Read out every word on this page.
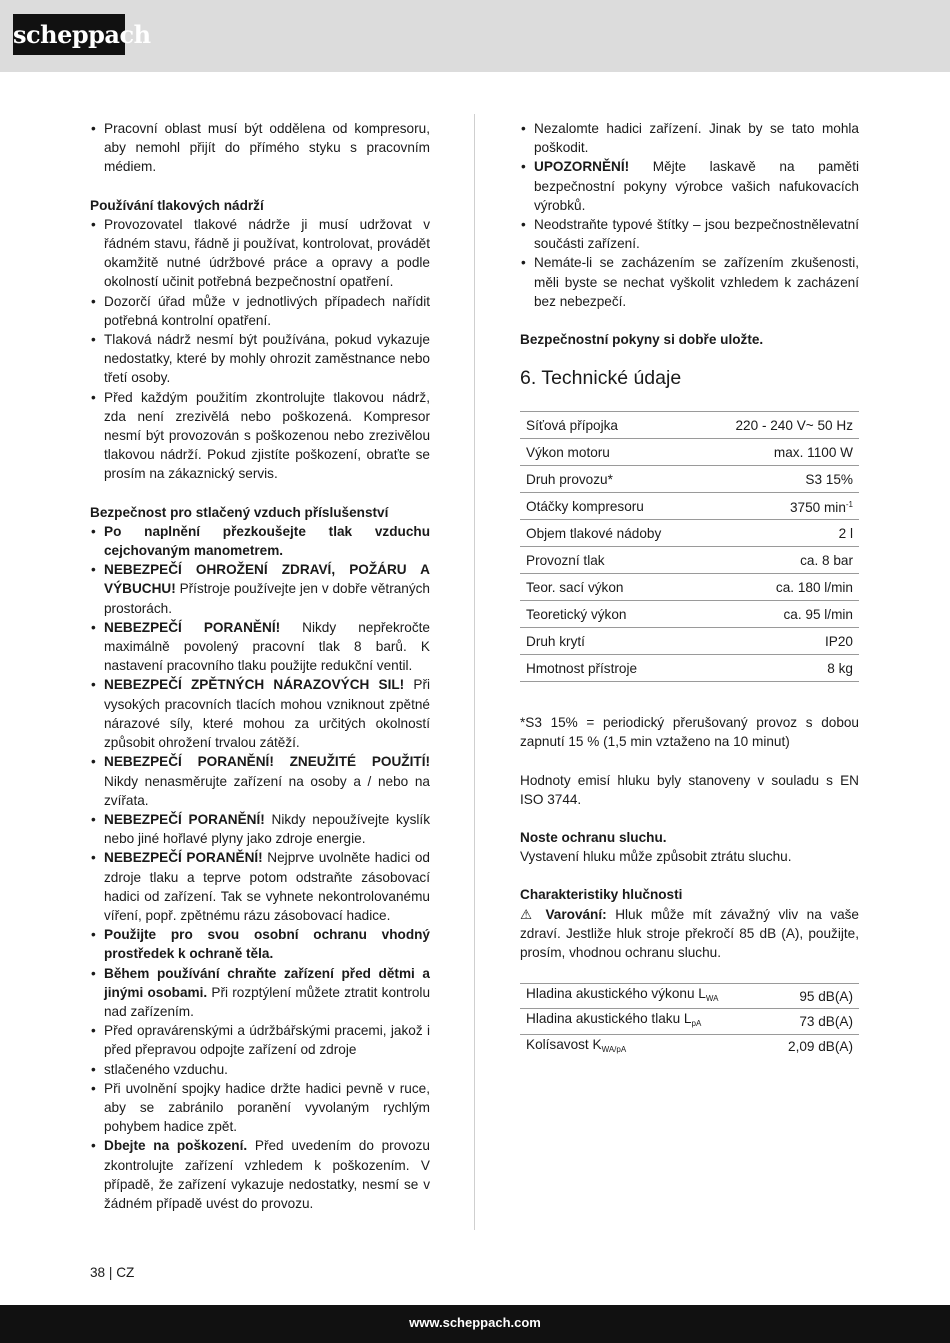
scheppach
• Pracovní oblast musí být oddělena od kompresoru, aby nemohl přijít do přímého styku s pracovním médiem.

Používání tlakových nádrží

• Provozovatel tlakové nádrže ji musí udržovat v řádném stavu, řádně ji používat, kontrolovat, provádět okamžitě nutné údržbové práce a opravy a podle okolností učinit potřebná bezpečnostní opatření.
• Dozorčí úřad může v jednotlivých případech nařídit potřebná kontrolní opatření.
• Tlaková nádrž nesmí být používána, pokud vykazuje nedostatky, které by mohly ohrozit zaměstnance nebo třetí osoby.
• Před každým použitím zkontrolujte tlakovou nádrž, zda není zrezivělá nebo poškozená. Kompresor nesmí být provozován s poškozenou nebo zrezivělou tlakovou nádrží. Pokud zjistíte poškození, obraťte se prosím na zákaznický servis.

Bezpečnost pro stlačený vzduch příslušenství

• Po naplnění přezkoušejte tlak vzduchu cejchovaným manometrem.
• NEBEZPEČÍ OHROŽENÍ ZDRAVÍ, POŽÁRU A VÝBUCHU! Přístroje používejte jen v dobře větraných prostorách.
• NEBEZPEČÍ PORANĚNÍ! Nikdy nepřekročte maximálně povolený pracovní tlak 8 barů. K nastavení pracovního tlaku použijte redukční ventil.
• NEBEZPEČÍ ZPĚTNÝCH NÁRAZOVÝCH SIL! Při vysokých pracovních tlacích mohou vzniknout zpětné nárazové síly, které mohou za určitých okolností způsobit ohrožení trvalou zátěží.
• NEBEZPEČÍ PORANĚNÍ! ZNEUŽITÉ POUŽITÍ! Nikdy nenasměrujte zařízení na osoby a / nebo na zvířata.
• NEBEZPEČÍ PORANĚNÍ! Nikdy nepoužívejte kyslík nebo jiné hořlavé plyny jako zdroje energie.
• NEBEZPEČÍ PORANĚNÍ! Nejprve uvolněte hadici od zdroje tlaku a teprve potom odstraňte zásobovací hadici od zařízení. Tak se vyhnete nekontrolovanému víření, popř. zpětnému rázu zásobovací hadice.
• Použijte pro svou osobní ochranu vhodný prostředek k ochraně těla.
• Během používání chraňte zařízení před dětmi a jinými osobami. Při rozptýlení můžete ztratit kontrolu nad zařízením.
• Před opravárenskými a údržbářskými pracemi, jakož i před přepravou odpojte zařízení od zdroje
• stlačeného vzduchu.
• Při uvolnění spojky hadice držte hadici pevně v ruce, aby se zabránilo poranění vyvolaným rychlým pohybem hadice zpět.
• Dbejte na poškození. Před uvedením do provozu zkontrolujte zařízení vzhledem k poškozením. V případě, že zařízení vykazuje nedostatky, nesmí se v žádném případě uvést do provozu.
• Nezalomte hadici zařízení. Jinak by se tato mohla poškodit.
• UPOZORNĚNÍ! Mějte laskavě na paměti bezpečnostní pokyny výrobce vašich nafukovacích výrobků.
• Neodstraňte typové štítky – jsou bezpečnostnělevatní součásti zařízení.
• Nemáte-li se zacházením se zařízením zkušenosti, měli byste se nechat vyškolit vzhledem k zacházení bez nebezpečí.

Bezpečnostní pokyny si dobře uložte.

6. Technické údaje
Síťová přípojka	220 - 240 V~ 50 Hz
Výkon motoru	max. 1100 W
Druh provozu*	S3 15%
Otáčky kompresoru	3750 $\min^{-1}$
Objem tlakové nádoby	2 l
Provozní tlak	ca. 8 bar
Teor. sací výkon	ca. 180 l/min
Teoretický výkon	ca. 95 l/min
Druh krytí	IP20
Hmotnost přístroje	8 kg

*S3 15% = periodický přerušovaný provoz s dobou zapnutí 15 % (1,5 min vztaženo na 10 minut)

Hodnoty emisí hluku byly stanoveny v souladu s EN ISO 3744.

Noste ochranu sluchu.

Vystavení hluku může způsobit ztrátu sluchu.

Charakteristiky hlučnosti

⚠ Varování: Hluk může mít závažný vliv na vaše zdraví. Jestliže hluk stroje překročí 85 dB (A), použijte, prosím, vhodnou ochranu sluchu.

Hladina akustického výkonu $L_{WA}$	95 dB(A)
Hladina akustického tlaku $L_{pA}$	73 dB(A)
Kolísavost $K_{WA/pA}$	2,09 dB(A)
38 | CZ
www.scheppach.com
